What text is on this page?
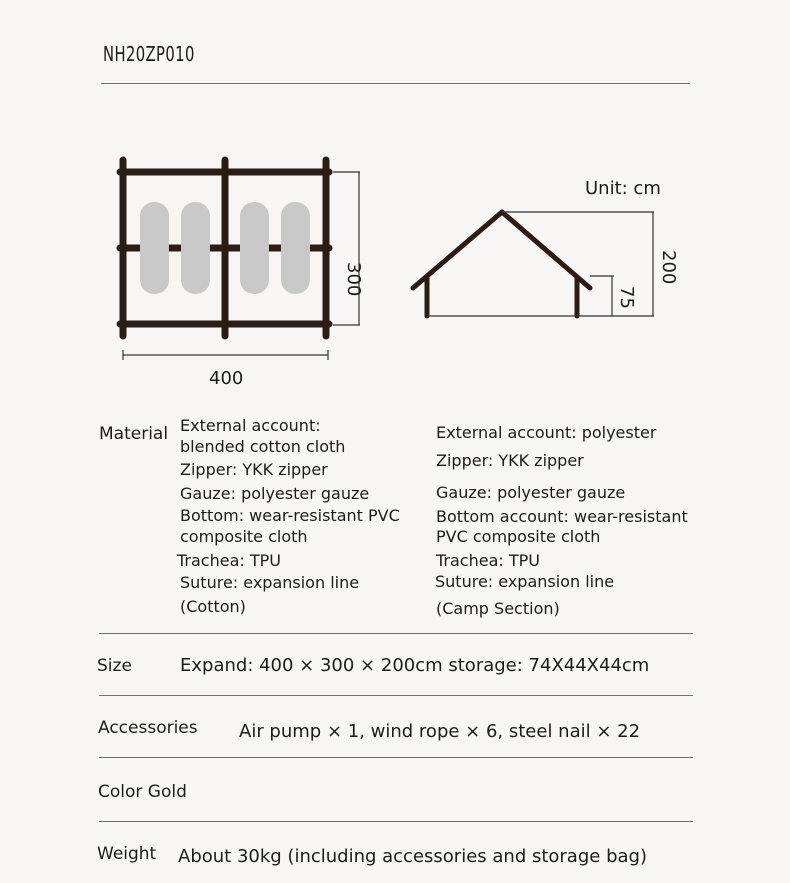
NH20ZP010
Unit: cm
400
300	200
75
Material External account:
blended cotton cloth
Zipper: YKK zipper
Gauze: polyester gauze
Bottom: wear-resistant PVC
composite cloth
Trachea: TPU
Suture: expansion line
(Cotton)
External account: polyester
Zipper: YKK zipper
Gauze: polyester gauze
Bottom account: wear-resistant
PVC composite cloth
Trachea: TPU
Suture: expansion line
(Camp Section)
Size	Expand: 400 × 300 × 200cm storage: 74X44X44cm
Accessories Air pump × 1, wind rope × 6, steel nail × 22
Color Gold
Weight About 30kg (including accessories and storage bag)
